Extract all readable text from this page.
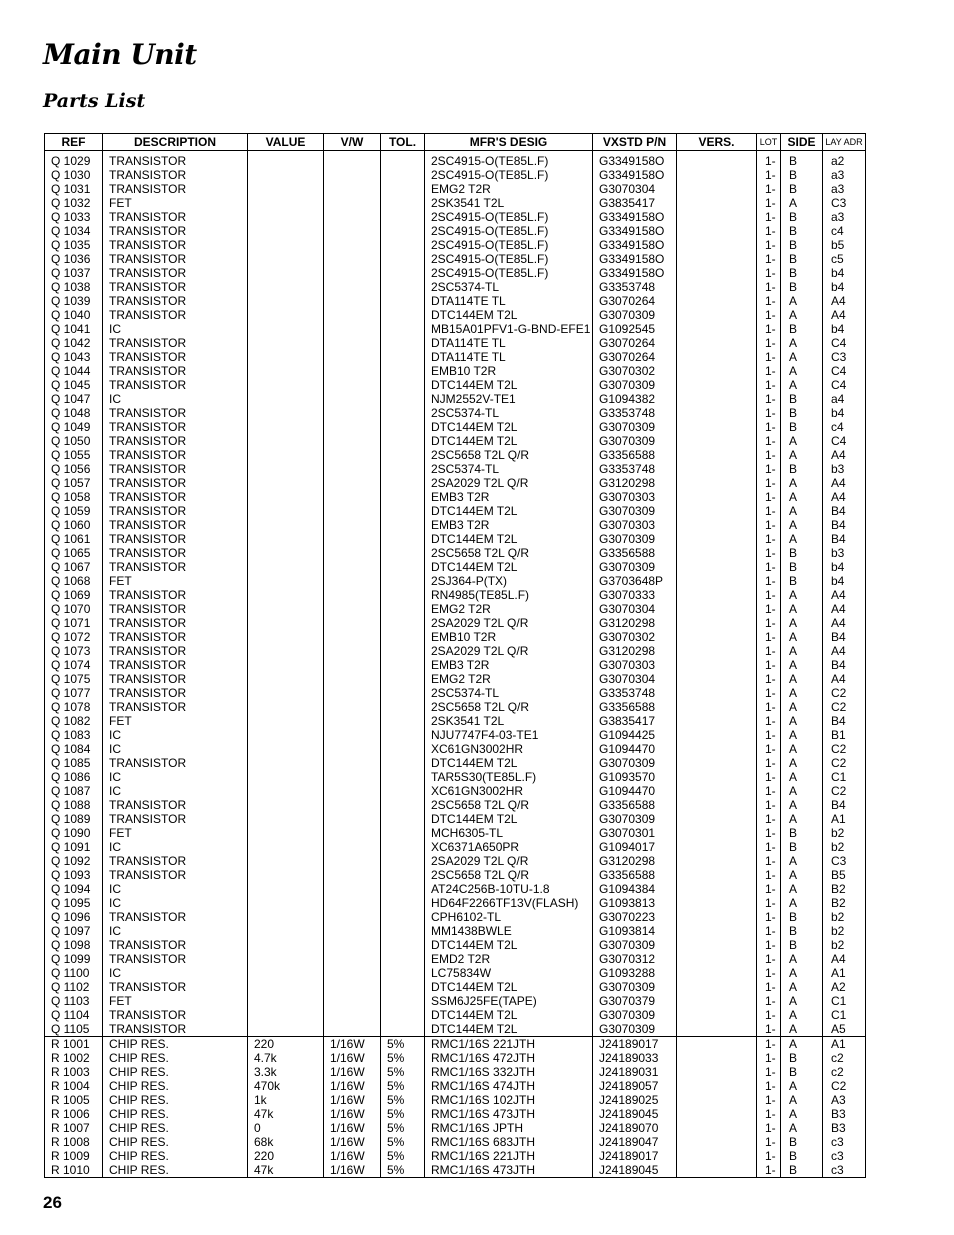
Main Unit
Parts List
REF	DESCRIPTION	VALUE	V/W	TOL.	MFR'S DESIG	VXSTD P/N	VERS.	LOT	SIDE	LAY ADR
Q 1029	TRANSISTOR				2SC4915-O(TE85L.F)	G3349158O		1-	B	a2
Q 1030	TRANSISTOR				2SC4915-O(TE85L.F)	G3349158O		1-	B	a3
Q 1031	TRANSISTOR				EMG2 T2R	G3070304		1-	B	a3
Q 1032	FET				2SK3541 T2L	G3835417		1-	A	C3
Q 1033	TRANSISTOR				2SC4915-O(TE85L.F)	G3349158O		1-	B	a3
Q 1034	TRANSISTOR				2SC4915-O(TE85L.F)	G3349158O		1-	B	c4
Q 1035	TRANSISTOR				2SC4915-O(TE85L.F)	G3349158O		1-	B	b5
Q 1036	TRANSISTOR				2SC4915-O(TE85L.F)	G3349158O		1-	B	c5
Q 1037	TRANSISTOR				2SC4915-O(TE85L.F)	G3349158O		1-	B	b4
Q 1038	TRANSISTOR				2SC5374-TL	G3353748		1-	B	b4
Q 1039	TRANSISTOR				DTA114TE TL	G3070264		1-	A	A4
Q 1040	TRANSISTOR				DTC144EM T2L	G3070309		1-	A	A4
Q 1041	IC				MB15A01PFV1-G-BND-EFE1	G1092545		1-	B	b4
Q 1042	TRANSISTOR				DTA114TE TL	G3070264		1-	A	C4
Q 1043	TRANSISTOR				DTA114TE TL	G3070264		1-	A	C3
Q 1044	TRANSISTOR				EMB10 T2R	G3070302		1-	A	C4
Q 1045	TRANSISTOR				DTC144EM T2L	G3070309		1-	A	C4
Q 1047	IC				NJM2552V-TE1	G1094382		1-	B	a4
Q 1048	TRANSISTOR				2SC5374-TL	G3353748		1-	B	b4
Q 1049	TRANSISTOR				DTC144EM T2L	G3070309		1-	B	c4
Q 1050	TRANSISTOR				DTC144EM T2L	G3070309		1-	A	C4
Q 1055	TRANSISTOR				2SC5658 T2L Q/R	G3356588		1-	A	A4
Q 1056	TRANSISTOR				2SC5374-TL	G3353748		1-	B	b3
Q 1057	TRANSISTOR				2SA2029 T2L Q/R	G3120298		1-	A	A4
Q 1058	TRANSISTOR				EMB3 T2R	G3070303		1-	A	A4
Q 1059	TRANSISTOR				DTC144EM T2L	G3070309		1-	A	B4
Q 1060	TRANSISTOR				EMB3 T2R	G3070303		1-	A	B4
Q 1061	TRANSISTOR				DTC144EM T2L	G3070309		1-	A	B4
Q 1065	TRANSISTOR				2SC5658 T2L Q/R	G3356588		1-	B	b3
Q 1067	TRANSISTOR				DTC144EM T2L	G3070309		1-	B	b4
Q 1068	FET				2SJ364-P(TX)	G3703648P		1-	B	b4
Q 1069	TRANSISTOR				RN4985(TE85L.F)	G3070333		1-	A	A4
Q 1070	TRANSISTOR				EMG2 T2R	G3070304		1-	A	A4
Q 1071	TRANSISTOR				2SA2029 T2L Q/R	G3120298		1-	A	A4
Q 1072	TRANSISTOR				EMB10 T2R	G3070302		1-	A	B4
Q 1073	TRANSISTOR				2SA2029 T2L Q/R	G3120298		1-	A	A4
Q 1074	TRANSISTOR				EMB3 T2R	G3070303		1-	A	B4
Q 1075	TRANSISTOR				EMG2 T2R	G3070304		1-	A	A4
Q 1077	TRANSISTOR				2SC5374-TL	G3353748		1-	A	C2
Q 1078	TRANSISTOR				2SC5658 T2L Q/R	G3356588		1-	A	C2
Q 1082	FET				2SK3541 T2L	G3835417		1-	A	B4
Q 1083	IC				NJU7747F4-03-TE1	G1094425		1-	A	B1
Q 1084	IC				XC61GN3002HR	G1094470		1-	A	C2
Q 1085	TRANSISTOR				DTC144EM T2L	G3070309		1-	A	C2
Q 1086	IC				TAR5S30(TE85L.F)	G1093570		1-	A	C1
Q 1087	IC				XC61GN3002HR	G1094470		1-	A	C2
Q 1088	TRANSISTOR				2SC5658 T2L Q/R	G3356588		1-	A	B4
Q 1089	TRANSISTOR				DTC144EM T2L	G3070309		1-	A	A1
Q 1090	FET				MCH6305-TL	G3070301		1-	B	b2
Q 1091	IC				XC6371A650PR	G1094017		1-	B	b2
Q 1092	TRANSISTOR				2SA2029 T2L Q/R	G3120298		1-	A	C3
Q 1093	TRANSISTOR				2SC5658 T2L Q/R	G3356588		1-	A	B5
Q 1094	IC				AT24C256B-10TU-1.8	G1094384		1-	A	B2
Q 1095	IC				HD64F2266TF13V(FLASH)	G1093813		1-	A	B2
Q 1096	TRANSISTOR				CPH6102-TL	G3070223		1-	B	b2
Q 1097	IC				MM1438BWLE	G1093814		1-	B	b2
Q 1098	TRANSISTOR				DTC144EM T2L	G3070309		1-	B	b2
Q 1099	TRANSISTOR				EMD2 T2R	G3070312		1-	A	A4
Q 1100	IC				LC75834W	G1093288		1-	A	A1
Q 1102	TRANSISTOR				DTC144EM T2L	G3070309		1-	A	A2
Q 1103	FET				SSM6J25FE(TAPE)	G3070379		1-	A	C1
Q 1104	TRANSISTOR				DTC144EM T2L	G3070309		1-	A	C1
Q 1105	TRANSISTOR				DTC144EM T2L	G3070309		1-	A	A5
R 1001	CHIP RES.	220	1/16W	5%	RMC1/16S 221JTH	J24189017		1-	A	A1
R 1002	CHIP RES.	4.7k	1/16W	5%	RMC1/16S 472JTH	J24189033		1-	B	c2
R 1003	CHIP RES.	3.3k	1/16W	5%	RMC1/16S 332JTH	J24189031		1-	B	c2
R 1004	CHIP RES.	470k	1/16W	5%	RMC1/16S 474JTH	J24189057		1-	A	C2
R 1005	CHIP RES.	1k	1/16W	5%	RMC1/16S 102JTH	J24189025		1-	A	A3
R 1006	CHIP RES.	47k	1/16W	5%	RMC1/16S 473JTH	J24189045		1-	A	B3
R 1007	CHIP RES.	0	1/16W	5%	RMC1/16S JPTH	J24189070		1-	A	B3
R 1008	CHIP RES.	68k	1/16W	5%	RMC1/16S 683JTH	J24189047		1-	B	c3
R 1009	CHIP RES.	220	1/16W	5%	RMC1/16S 221JTH	J24189017		1-	B	c3
R 1010	CHIP RES.	47k	1/16W	5%	RMC1/16S 473JTH	J24189045		1-	B	c3
26
